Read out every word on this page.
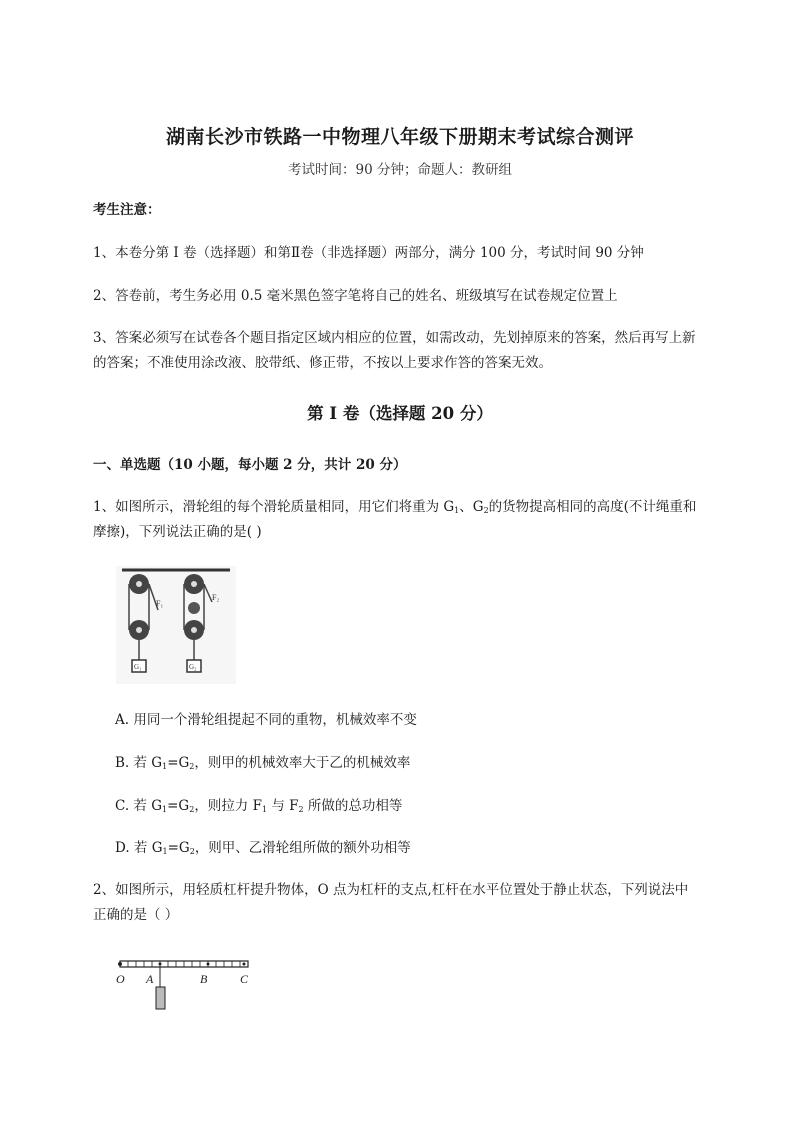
湖南长沙市铁路一中物理八年级下册期末考试综合测评
考试时间：90 分钟；命题人：教研组
考生注意：
1、本卷分第 I 卷（选择题）和第Ⅱ卷（非选择题）两部分，满分 100 分，考试时间 90 分钟
2、答卷前，考生务必用 0.5 毫米黑色签字笔将自己的姓名、班级填写在试卷规定位置上
3、答案必须写在试卷各个题目指定区域内相应的位置，如需改动，先划掉原来的答案，然后再写上新
的答案；不准使用涂改液、胶带纸、修正带，不按以上要求作答的答案无效。
第 I 卷（选择题 20 分）
一、单选题（10 小题，每小题 2 分，共计 20 分）
1、如图所示，滑轮组的每个滑轮质量相同，用它们将重为 $G_1$、$G_2$的货物提高相同的高度(不计绳重和
摩擦)，下列说法正确的是( )
F₁
G₁
F₂
G₂
A. 用同一个滑轮组提起不同的重物，机械效率不变
B. 若 $G_1=G_2$，则甲的机械效率大于乙的机械效率
C. 若 $G_1=G_2$，则拉力 $F_1$ 与 $F_2$ 所做的总功相等
D. 若 $G_1=G_2$，则甲、乙滑轮组所做的额外功相等
2、如图所示，用轻质杠杆提升物体，O 点为杠杆的支点,杠杆在水平位置处于静止状态，下列说法中
正确的是（ ）
O A	B	C
